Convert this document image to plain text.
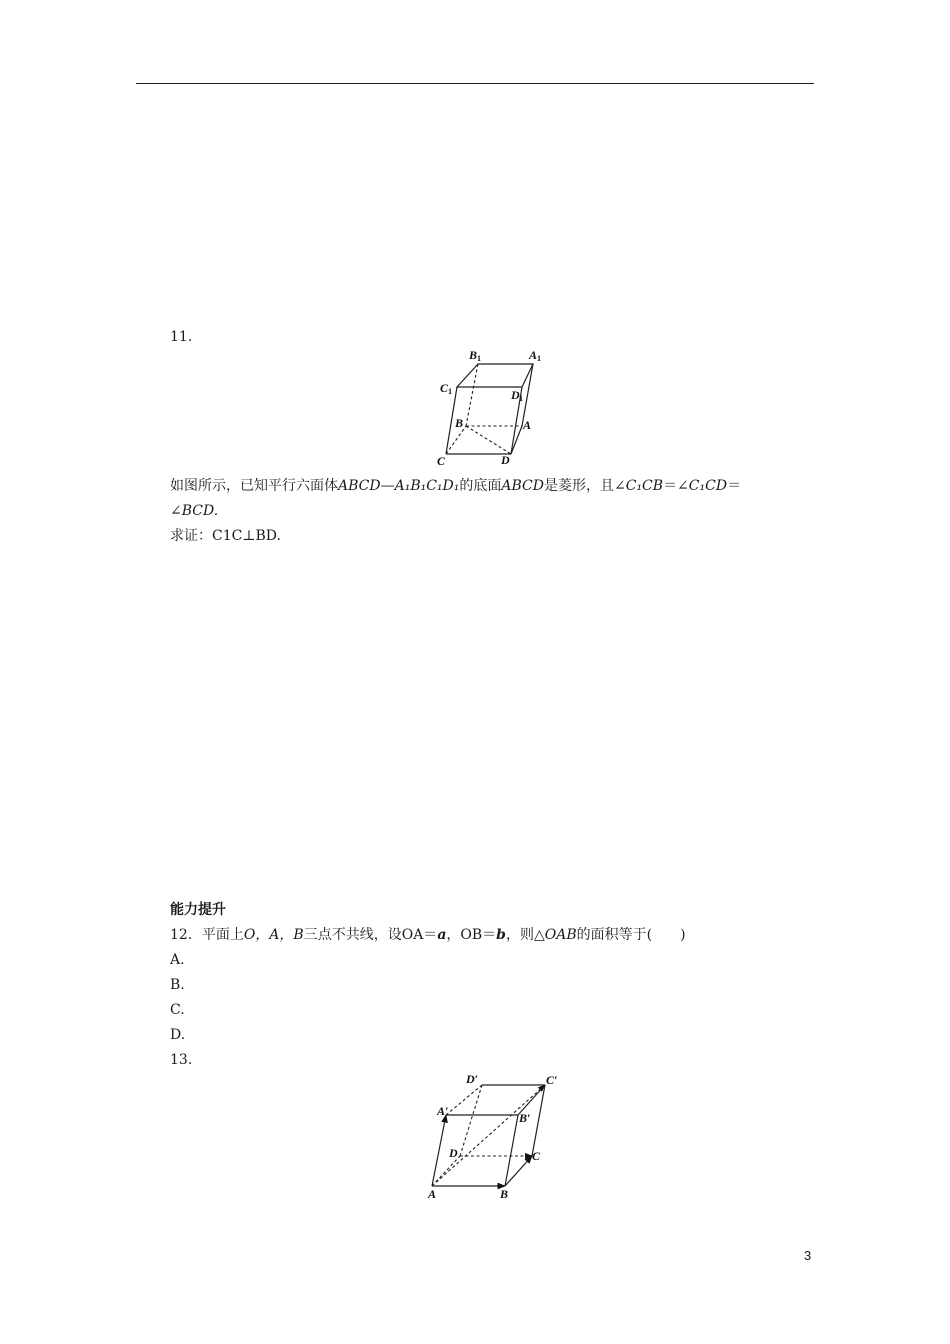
11.
B 1	A 1
C 1	D 1
B	A
C	D
如图所示，已知平行六面体ABCD—A₁B₁C₁D₁的底面ABCD是菱形，且∠C₁CB＝∠C₁CD＝
∠BCD.
求证：C1C⊥BD.
能力提升
12．平面上O，A，B三点不共线，设OA＝a，OB＝b，则△OAB的面积等于(　　)
A.
B.
C.
D.
13.
D′	C′
A′	B′
D	C
A	B
3
